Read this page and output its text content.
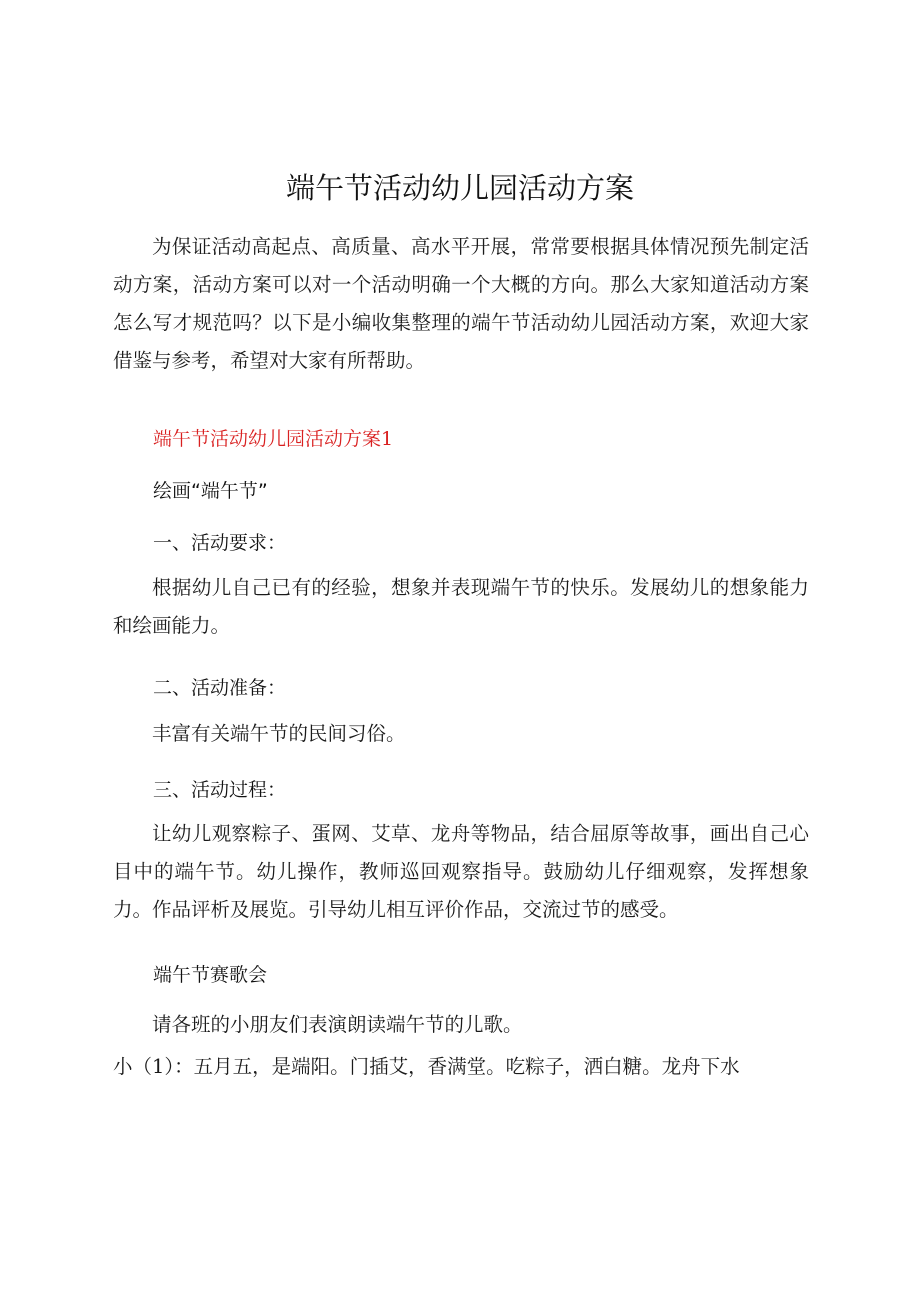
端午节活动幼儿园活动方案

为保证活动高起点、高质量、高水平开展，常常要根据具体情况预先制定活动方案，活动方案可以对一个活动明确一个大概的方向。那么大家知道活动方案怎么写才规范吗？以下是小编收集整理的端午节活动幼儿园活动方案，欢迎大家借鉴与参考，希望对大家有所帮助。

端午节活动幼儿园活动方案1
绘画“端午节”
一、活动要求：

根据幼儿自己已有的经验，想象并表现端午节的快乐。发展幼儿的想象能力和绘画能力。

二、活动准备：

丰富有关端午节的民间习俗。

三、活动过程：

让幼儿观察粽子、蛋网、艾草、龙舟等物品，结合屈原等故事，画出自己心目中的端午节。幼儿操作，教师巡回观察指导。鼓励幼儿仔细观察，发挥想象力。作品评析及展览。引导幼儿相互评价作品，交流过节的感受。

端午节赛歌会

请各班的小朋友们表演朗读端午节的儿歌。

小（1）：五月五，是端阳。门插艾，香满堂。吃粽子，洒白糖。龙舟下水
